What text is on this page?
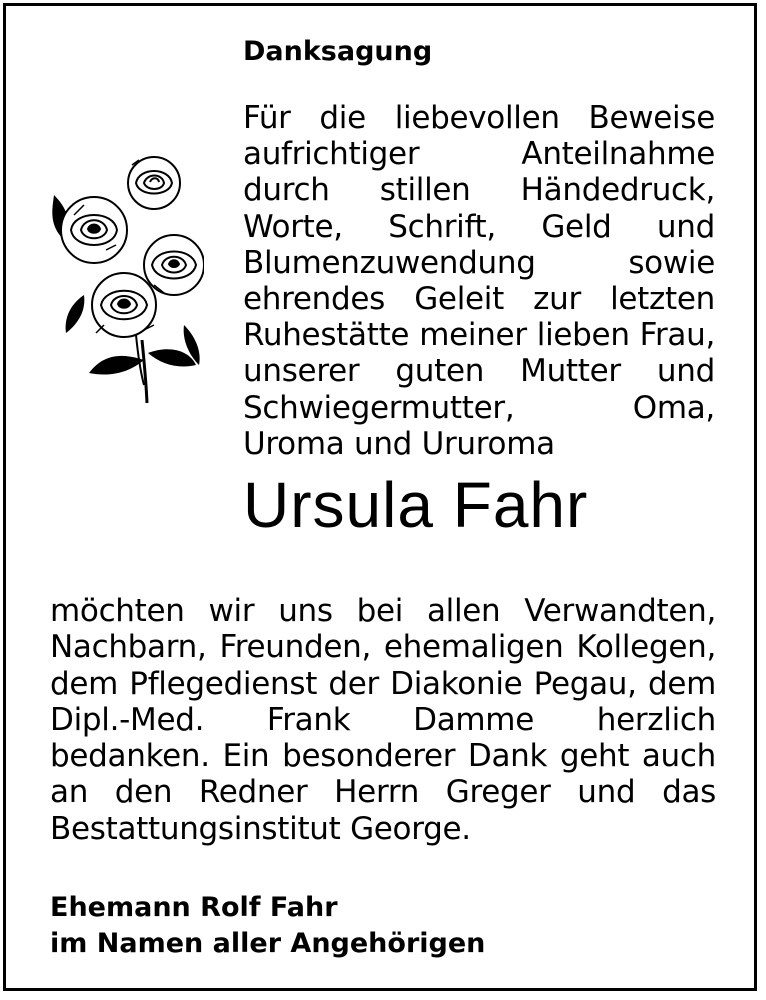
Danksagung

Für die liebevollen Beweise aufrichtiger Anteilnahme durch stillen Händedruck, Worte, Schrift, Geld und Blumenzuwendung sowie ehrendes Geleit zur letzten Ruhestätte meiner lieben Frau, unserer guten Mutter und Schwiegermutter, Oma, Uroma und Ururoma

Ursula Fahr

möchten wir uns bei allen Verwandten, Nachbarn, Freunden, ehemaligen Kollegen, dem Pflegedienst der Diakonie Pegau, dem Dipl.-Med. Frank Damme herzlich bedanken. Ein besonderer Dank geht auch an den Redner Herrn Greger und das Bestattungsinstitut George.

Ehemann Rolf Fahr
im Namen aller Angehörigen
